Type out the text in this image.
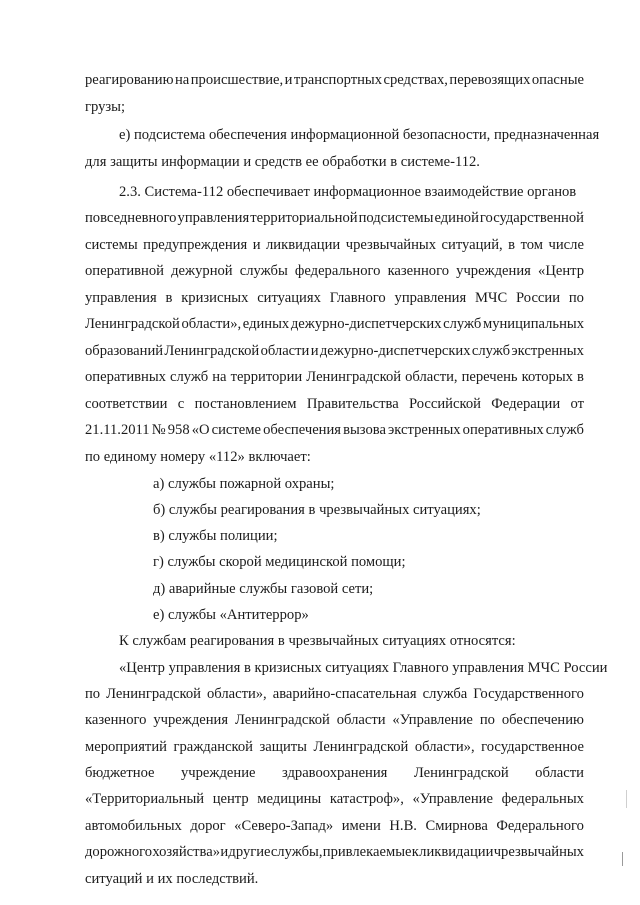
реагированию на происшествие, и транспортных средствах, перевозящих опасные
грузы;
е) подсистема обеспечения информационной безопасности, предназначенная
для защиты информации и средств ее обработки в системе-112.
2.3. Система-112 обеспечивает информационное взаимодействие органов
повседневного управления территориальной подсистемы единой государственной
системы предупреждения и ликвидации чрезвычайных ситуаций, в том числе
оперативной дежурной службы федерального казенного учреждения «Центр
управления в кризисных ситуациях Главного управления МЧС России по
Ленинградской области», единых дежурно-диспетчерских служб муниципальных
образований Ленинградской области и дежурно-диспетчерских служб экстренных
оперативных служб на территории Ленинградской области, перечень которых в
соответствии с постановлением Правительства Российской Федерации от
21.11.2011 № 958 «О системе обеспечения вызова экстренных оперативных служб
по единому номеру «112» включает:
а) службы пожарной охраны;
б) службы реагирования в чрезвычайных ситуациях;
в) службы полиции;
г) службы скорой медицинской помощи;
д) аварийные службы газовой сети;
е) службы «Антитеррор»
К службам реагирования в чрезвычайных ситуациях относятся:
«Центр управления в кризисных ситуациях Главного управления МЧС России
по Ленинградской области», аварийно-спасательная служба Государственного
казенного учреждения Ленинградской области «Управление по обеспечению
мероприятий гражданской защиты Ленинградской области», государственное
бюджетное учреждение здравоохранения Ленинградской области
«Территориальный центр медицины катастроф», «Управление федеральных
автомобильных дорог «Северо-Запад» имени Н.В. Смирнова Федерального
дорожного хозяйства» и другие службы, привлекаемые к ликвидации чрезвычайных
ситуаций и их последствий.
